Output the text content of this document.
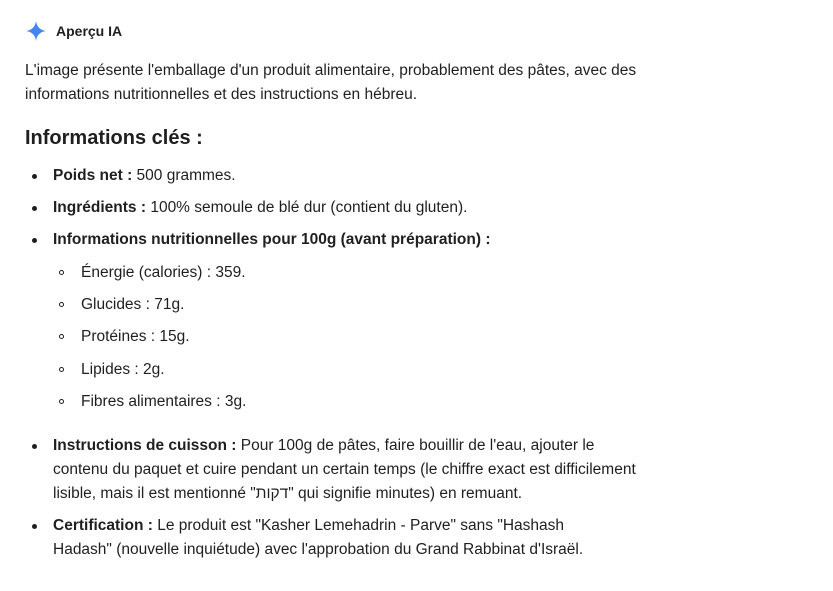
Aperçu IA

L'image présente l'emballage d'un produit alimentaire, probablement des pâtes, avec des informations nutritionnelles et des instructions en hébreu.

Informations clés :
Poids net : 500 grammes.
Ingrédients : 100% semoule de blé dur (contient du gluten).
Informations nutritionnelles pour 100g (avant préparation) :
Énergie (calories) : 359.
Glucides : 71g.
Protéines : 15g.
Lipides : 2g.
Fibres alimentaires : 3g.
Instructions de cuisson : Pour 100g de pâtes, faire bouillir de l'eau, ajouter le contenu du paquet et cuire pendant un certain temps (le chiffre exact est difficilement lisible, mais il est mentionné "דקות" qui signifie minutes) en remuant.
Certification : Le produit est "Kasher Lemehadrin - Parve" sans "Hashash Hadash" (nouvelle inquiétude) avec l'approbation du Grand Rabbinat d'Israël.
